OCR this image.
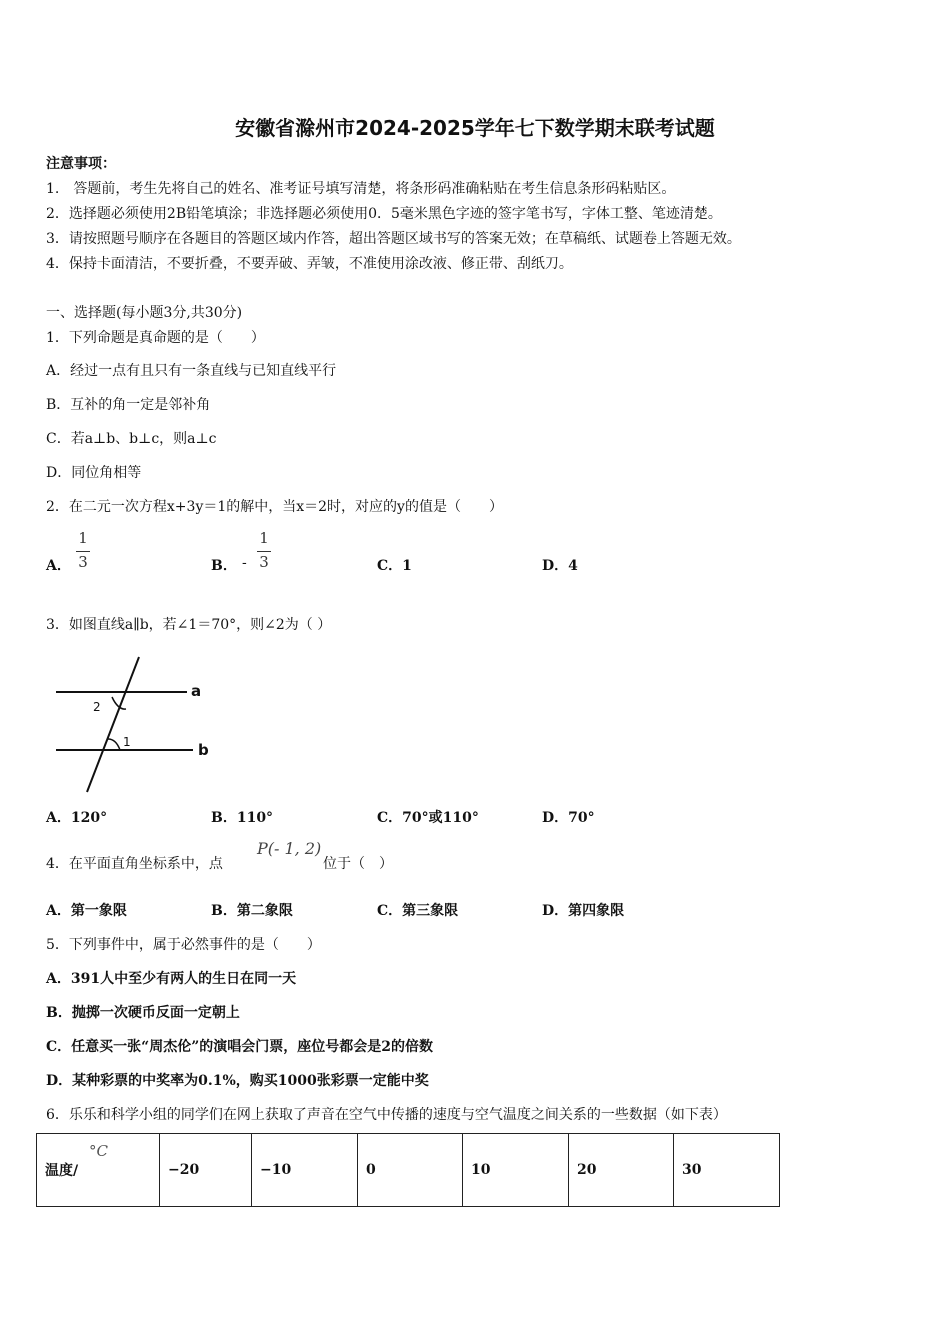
安徽省滁州市2024-2025学年七下数学期末联考试题
注意事项：
1.　答题前，考生先将自己的姓名、准考证号填写清楚，将条形码准确粘贴在考生信息条形码粘贴区。
2．选择题必须使用2B铅笔填涂；非选择题必须使用0．5毫米黑色字迹的签字笔书写，字体工整、笔迹清楚。
3．请按照题号顺序在各题目的答题区域内作答，超出答题区域书写的答案无效；在草稿纸、试题卷上答题无效。
4．保持卡面清洁，不要折叠，不要弄破、弄皱，不准使用涂改液、修正带、刮纸刀。
一、选择题(每小题3分,共30分)
1．下列命题是真命题的是（　　）
A．经过一点有且只有一条直线与已知直线平行
B．互补的角一定是邻补角
C．若a⊥b、b⊥c，则a⊥c
D．同位角相等
2．在二元一次方程x+3y＝1的解中，当x＝2时，对应的y的值是（　　）
A．
1
3	B． -
1
3	C．1	D．4
3．如图直线a∥b，若∠1＝70°，则∠2为（ ）
a
b
2
1
A．120°	B．110°	C．70°或110°	D．70°
4．在平面直角坐标系中，点
P(- 1, 2)
位于（　）
A．第一象限	B．第二象限	C．第三象限	D．第四象限
5．下列事件中，属于必然事件的是（　　）
A．391人中至少有两人的生日在同一天
B．抛掷一次硬币反面一定朝上
C．任意买一张“周杰伦”的演唱会门票，座位号都会是2的倍数
D．某种彩票的中奖率为0.1%，购买1000张彩票一定能中奖
6．乐乐和科学小组的同学们在网上获取了声音在空气中传播的速度与空气温度之间关系的一些数据（如下表）
温度/
°C
	−20	−10	0	10	20	30
